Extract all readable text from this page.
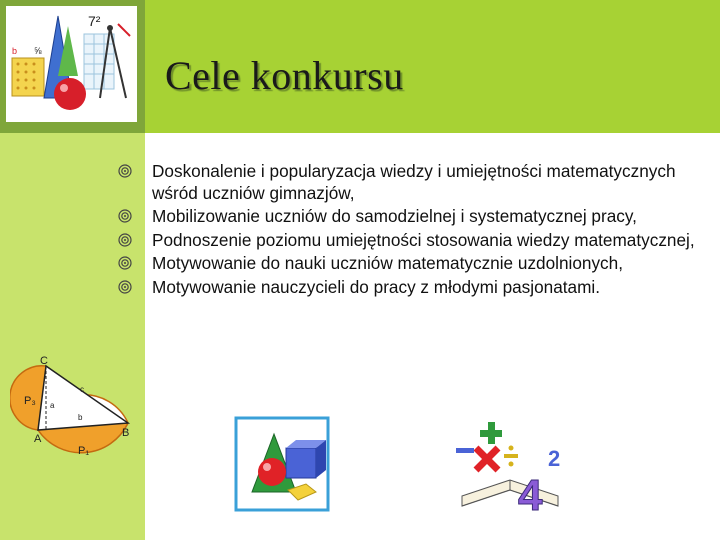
7²
⅝
b
Cele konkursu
Doskonalenie i popularyzacja wiedzy i umiejętności matematycznych wśród uczniów gimnazjów,
Mobilizowanie uczniów do samodzielnej i systematycznej pracy,
Podnoszenie poziomu umiejętności stosowania wiedzy matematycznej,
Motywowanie do nauki uczniów matematycznie uzdolnionych,
Motywowanie nauczycieli do pracy z młodymi pasjonatami.
C
A	B
P₃
P₁
a
b
c
4
2
